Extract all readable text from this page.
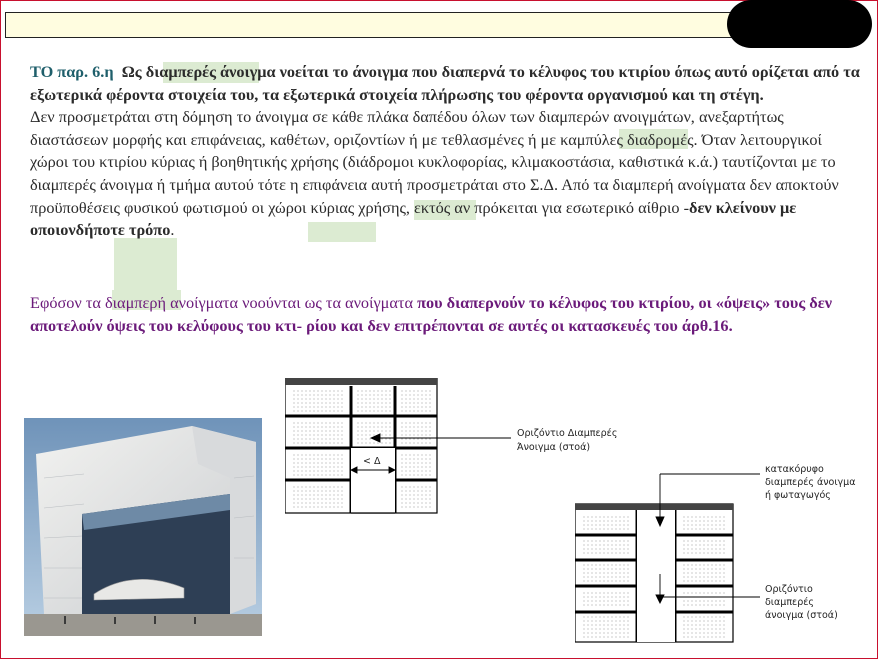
ΤΟ παρ. 6.η Ως διαμπερές άνοιγμα νοείται το άνοιγμα που διαπερνά το κέλυφος του κτιρίου όπως αυτό ορίζεται από τα εξωτερικά φέροντα στοιχεία του, τα εξωτερικά στοιχεία πλήρωσης του φέροντα οργανισμού και τη στέγη.
Δεν προσμετράται στη δόμηση το άνοιγμα σε κάθε πλάκα δαπέδου όλων των διαμπερών ανοιγμάτων, ανεξαρτήτως διαστάσεων μορφής και επιφάνειας, καθέτων, οριζοντίων ή με τεθλασμένες ή με καμπύλες διαδρομές. Όταν λειτουργικοί χώροι του κτιρίου κύριας ή βοηθητικής χρήσης (διάδρομοι κυκλοφορίας, κλιμακοστάσια, καθιστικά κ.ά.) ταυτίζονται με το διαμπερές άνοιγμα ή τμήμα αυτού τότε η επιφάνεια αυτή προσμετράται στο Σ.Δ. Από τα διαμπερή ανοίγματα δεν αποκτούν προϋποθέσεις φυσικού φωτισμού οι χώροι κύριας χρήσης, εκτός αν πρόκειται για εσωτερικό αίθριο -δεν κλείνουν με οποιονδήποτε τρόπο.

Εφόσον τα διαμπερή ανοίγματα νοούνται ως τα ανοίγματα που διαπερνούν το κέλυφος του κτιρίου, οι «όψεις» τους δεν αποτελούν όψεις του κελύφους του κτι- ρίου και δεν επιτρέπονται σε αυτές οι κατασκευές του άρθ.16.

< Δ
Οριζόντιο Διαμπερές
Άνοιγμα (στοά)
κατακόρυφο
διαμπερές άνοιγμα
ή φωταγωγός
Οριζόντιο
διαμπερές
άνοιγμα (στοά)
